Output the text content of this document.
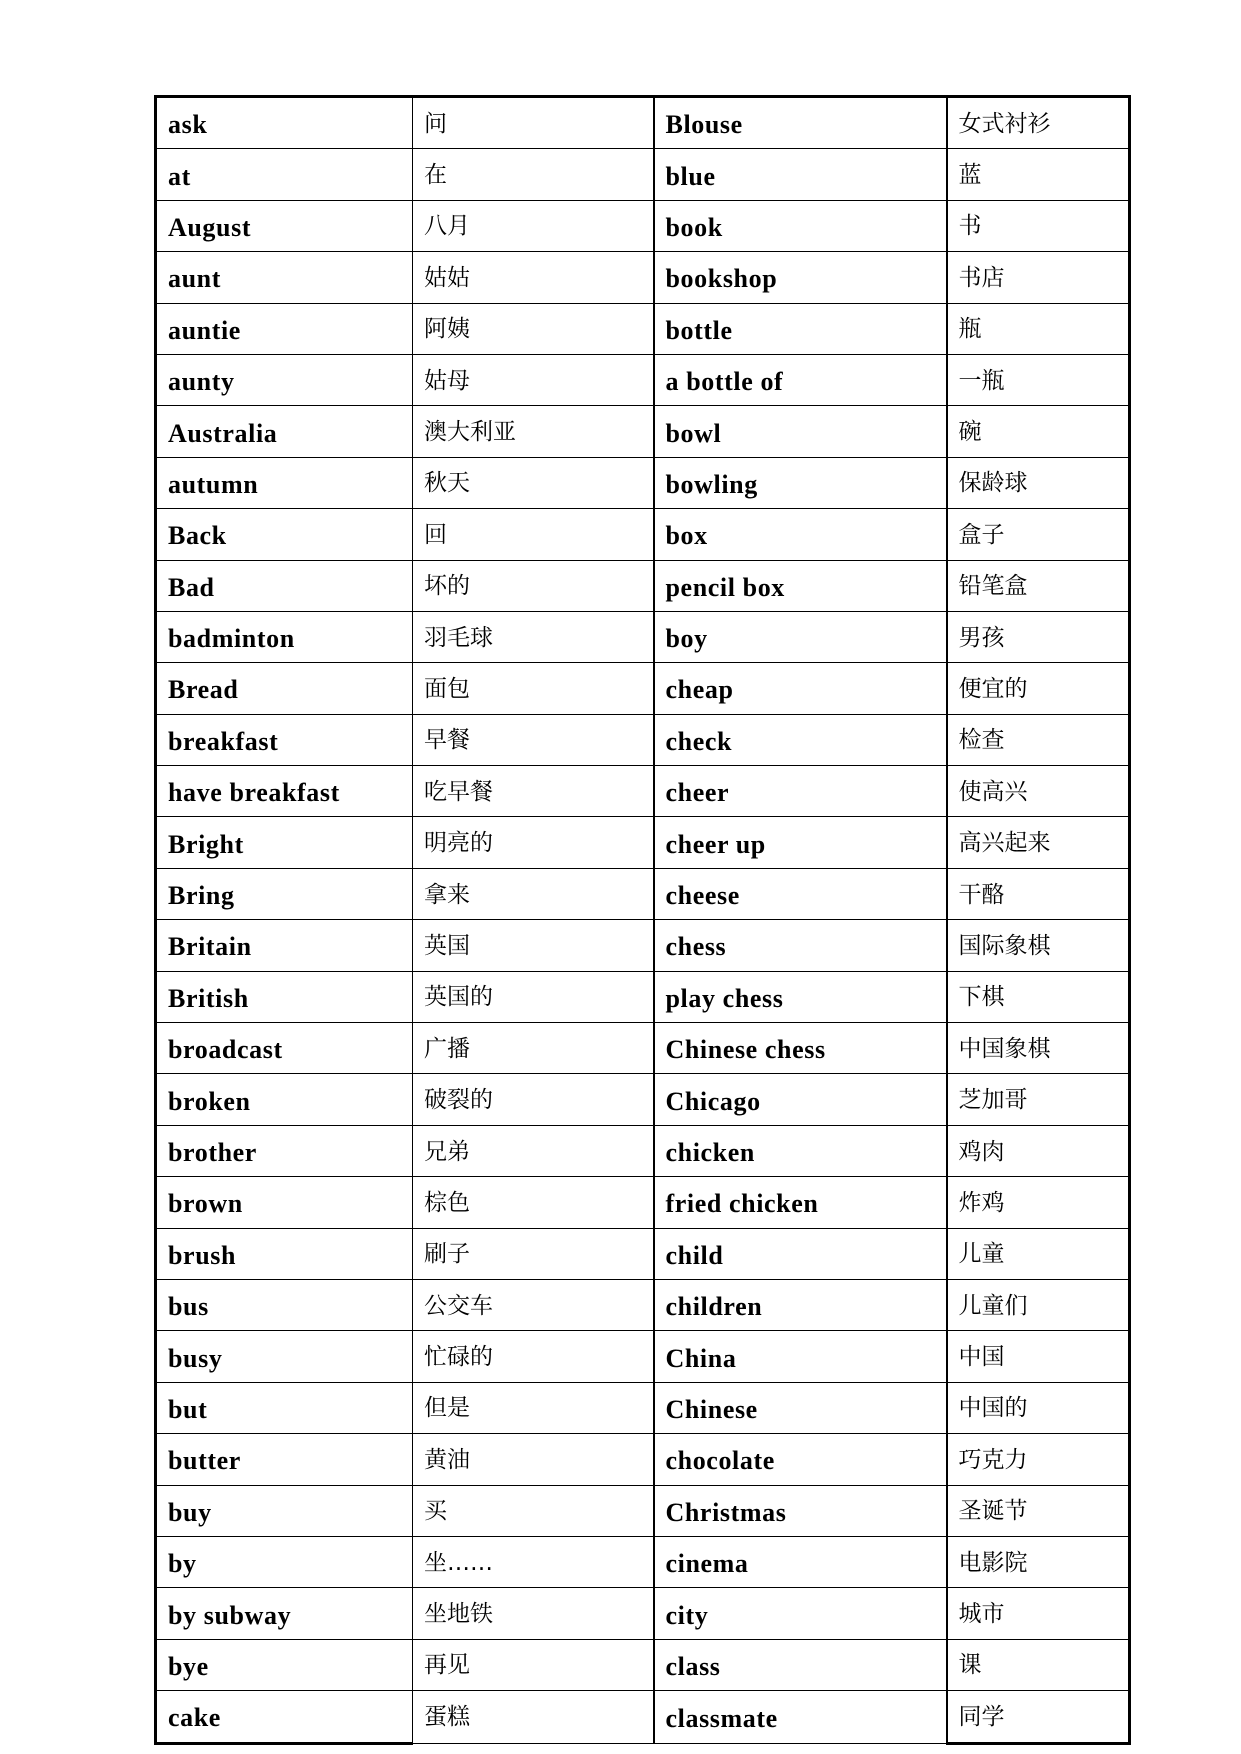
ask	问	Blouse	女式衬衫
at	在	blue	蓝
August	八月	book	书
aunt	姑姑	bookshop	书店
auntie	阿姨	bottle	瓶
aunty	姑母	a bottle of	一瓶
Australia	澳大利亚	bowl	碗
autumn	秋天	bowling	保龄球
Back	回	box	盒子
Bad	坏的	pencil box	铅笔盒
badminton	羽毛球	boy	男孩
Bread	面包	cheap	便宜的
breakfast	早餐	check	检查
have breakfast	吃早餐	cheer	使高兴
Bright	明亮的	cheer up	高兴起来
Bring	拿来	cheese	干酪
Britain	英国	chess	国际象棋
British	英国的	play chess	下棋
broadcast	广播	Chinese chess	中国象棋
broken	破裂的	Chicago	芝加哥
brother	兄弟	chicken	鸡肉
brown	棕色	fried chicken	炸鸡
brush	刷子	child	儿童
bus	公交车	children	儿童们
busy	忙碌的	China	中国
but	但是	Chinese	中国的
butter	黄油	chocolate	巧克力
buy	买	Christmas	圣诞节
by	坐……	cinema	电影院
by subway	坐地铁	city	城市
bye	再见	class	课
cake	蛋糕	classmate	同学
